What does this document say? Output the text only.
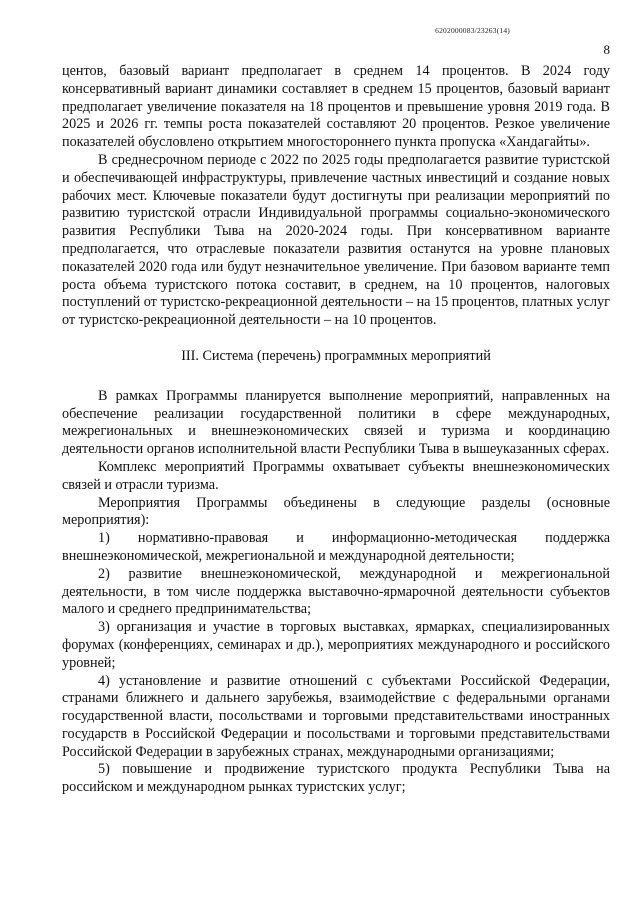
6202000083/23263(14)
8

центов, базовый вариант предполагает в среднем 14 процентов. В 2024 году консервативный вариант динамики составляет в среднем 15 процентов, базовый вариант предполагает увеличение показателя на 18 процентов и превышение уровня 2019 года. В 2025 и 2026 гг. темпы роста показателей составляют 20 процентов. Резкое увеличение показателей обусловлено открытием многостороннего пункта пропуска «Хандагайты».

В среднесрочном периоде с 2022 по 2025 годы предполагается развитие туристской и обеспечивающей инфраструктуры, привлечение частных инвестиций и создание новых рабочих мест. Ключевые показатели будут достигнуты при реализации мероприятий по развитию туристской отрасли Индивидуальной программы социально-экономического развития Республики Тыва на 2020-2024 годы. При консервативном варианте предполагается, что отраслевые показатели развития останутся на уровне плановых показателей 2020 года или будут незначительное увеличение. При базовом варианте темп роста объема туристского потока составит, в среднем, на 10 процентов, налоговых поступлений от туристско-рекреационной деятельности – на 15 процентов, платных услуг от туристско-рекреационной деятельности – на 10 процентов.

III. Система (перечень) программных мероприятий

В рамках Программы планируется выполнение мероприятий, направленных на обеспечение реализации государственной политики в сфере международных, межрегиональных и внешнеэкономических связей и туризма и координацию деятельности органов исполнительной власти Республики Тыва в вышеуказанных сферах.

Комплекс мероприятий Программы охватывает субъекты внешнеэкономических связей и отрасли туризма.

Мероприятия Программы объединены в следующие разделы (основные мероприятия):

1) нормативно-правовая и информационно-методическая поддержка внешнеэкономической, межрегиональной и международной деятельности;

2) развитие внешнеэкономической, международной и межрегиональной деятельности, в том числе поддержка выставочно-ярмарочной деятельности субъектов малого и среднего предпринимательства;

3) организация и участие в торговых выставках, ярмарках, специализированных форумах (конференциях, семинарах и др.), мероприятиях международного и российского уровней;

4) установление и развитие отношений с субъектами Российской Федерации, странами ближнего и дальнего зарубежья, взаимодействие с федеральными органами государственной власти, посольствами и торговыми представительствами иностранных государств в Российской Федерации и посольствами и торговыми представительствами Российской Федерации в зарубежных странах, международными организациями;

5) повышение и продвижение туристского продукта Республики Тыва на российском и международном рынках туристских услуг;
